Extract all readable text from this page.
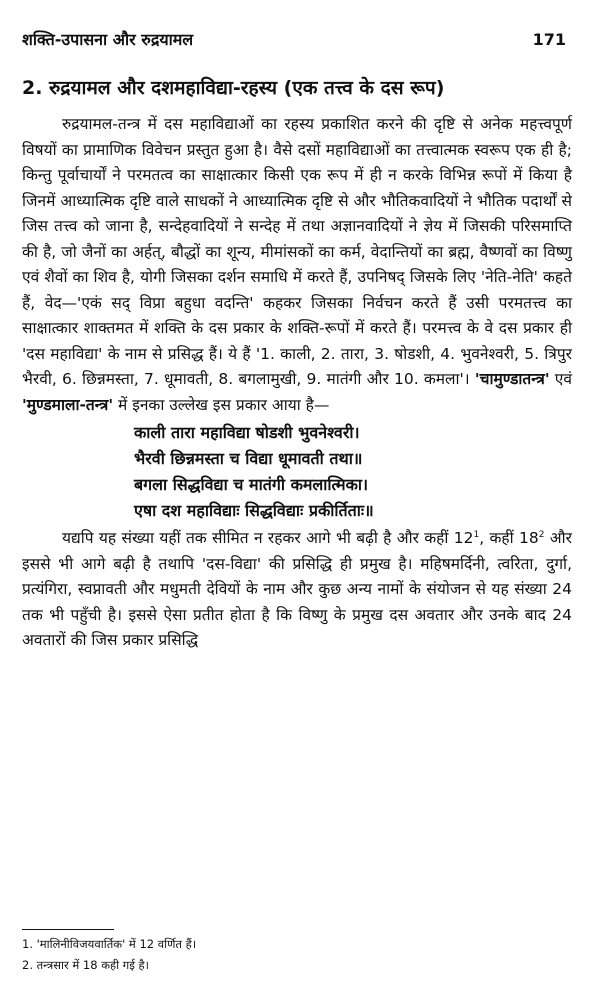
शक्ति-उपासना और रुद्रयामल	171
2. रुद्रयामल और दशमहाविद्या-रहस्य (एक तत्त्व के दस रूप)

रुद्रयामल-तन्त्र में दस महाविद्याओं का रहस्य प्रकाशित करने की दृष्टि से अनेक महत्त्वपूर्ण विषयों का प्रामाणिक विवेचन प्रस्तुत हुआ है। वैसे दसों महाविद्याओं का तत्त्वात्मक स्वरूप एक ही है; किन्तु पूर्वाचार्यों ने परमतत्व का साक्षात्कार किसी एक रूप में ही न करके विभिन्न रूपों में किया है जिनमें आध्यात्मिक दृष्टि वाले साधकों ने आध्यात्मिक दृष्टि से और भौतिकवादियों ने भौतिक पदार्थों से जिस तत्त्व को जाना है, सन्देहवादियों ने सन्देह में तथा अज्ञानवादियों ने ज्ञेय में जिसकी परिसमाप्ति की है, जो जैनों का अर्हत्, बौद्धों का शून्य, मीमांसकों का कर्म, वेदान्तियों का ब्रह्म, वैष्णवों का विष्णु एवं शैवों का शिव है, योगी जिसका दर्शन समाधि में करते हैं, उपनिषद् जिसके लिए 'नेति-नेति' कहते हैं, वेद—'एकं सद् विप्रा बहुधा वदन्ति' कहकर जिसका निर्वचन करते हैं उसी परमतत्त्व का साक्षात्कार शाक्तमत में शक्ति के दस प्रकार के शक्ति-रूपों में करते हैं। परमत्त्व के वे दस प्रकार ही 'दस महाविद्या' के नाम से प्रसिद्ध हैं। ये हैं '1. काली, 2. तारा, 3. षोडशी, 4. भुवनेश्वरी, 5. त्रिपुर भैरवी, 6. छिन्नमस्ता, 7. धूमावती, 8. बगलामुखी, 9. मातंगी और 10. कमला'। 'चामुण्डातन्त्र' एवं 'मुण्डमाला-तन्त्र' में इनका उल्लेख इस प्रकार आया है—

काली तारा महाविद्या षोडशी भुवनेश्वरी।
भैरवी छिन्नमस्ता च विद्या धूमावती तथा॥
बगला सिद्धविद्या च मातंगी कमलात्मिका।
एषा दश महाविद्याः सिद्धविद्याः प्रकीर्तिताः॥

यद्यपि यह संख्या यहीं तक सीमित न रहकर आगे भी बढ़ी है और कहीं $12^1$, कहीं $18^2$ और इससे भी आगे बढ़ी है तथापि 'दस-विद्या' की प्रसिद्धि ही प्रमुख है। महिषमर्दिनी, त्वरिता, दुर्गा, प्रत्यंगिरा, स्वप्नावती और मधुमती देवियों के नाम और कुछ अन्य नामों के संयोजन से यह संख्या 24 तक भी पहुँची है। इससे ऐसा प्रतीत होता है कि विष्णु के प्रमुख दस अवतार और उनके बाद 24 अवतारों की जिस प्रकार प्रसिद्धि

1. 'मालिनीविजयवार्तिक' में 12 वर्णित हैं।
2. तन्त्रसार में 18 कही गई है।
